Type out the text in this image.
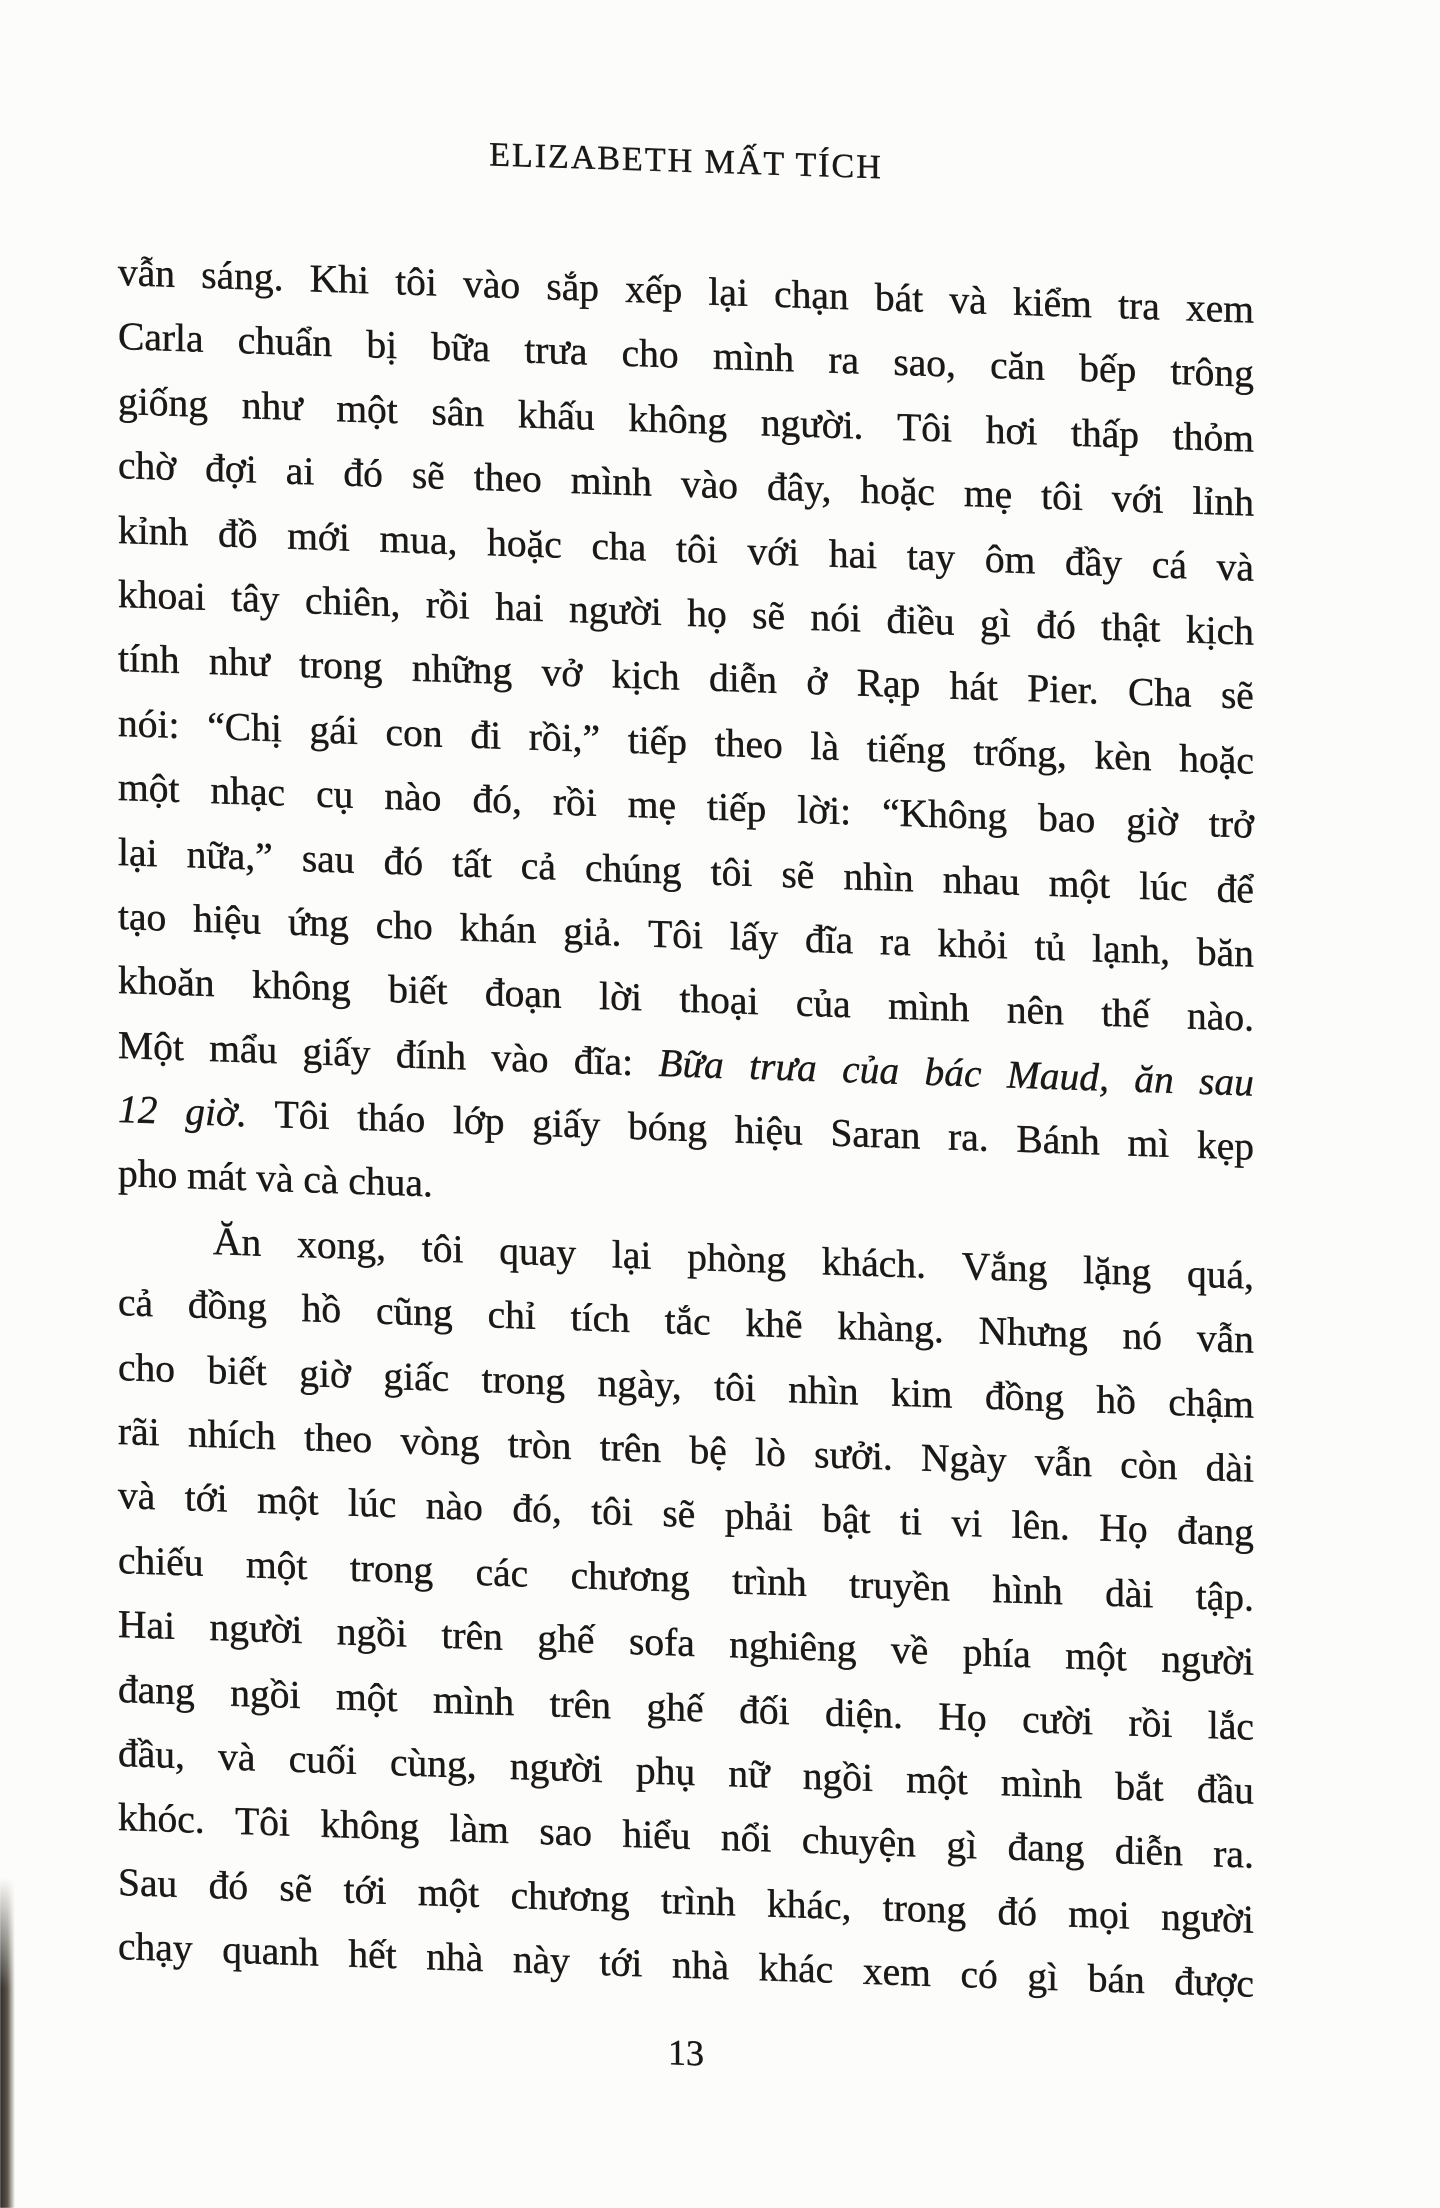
ELIZABETH MẤT TÍCH
vẫn sáng. Khi tôi vào sắp xếp lại chạn bát và kiểm tra xem
Carla chuẩn bị bữa trưa cho mình ra sao, căn bếp trông
giống như một sân khấu không người. Tôi hơi thấp thỏm
chờ đợi ai đó sẽ theo mình vào đây, hoặc mẹ tôi với lỉnh
kỉnh đồ mới mua, hoặc cha tôi với hai tay ôm đầy cá và
khoai tây chiên, rồi hai người họ sẽ nói điều gì đó thật kịch
tính như trong những vở kịch diễn ở Rạp hát Pier. Cha sẽ
nói: “Chị gái con đi rồi,” tiếp theo là tiếng trống, kèn hoặc
một nhạc cụ nào đó, rồi mẹ tiếp lời: “Không bao giờ trở
lại nữa,” sau đó tất cả chúng tôi sẽ nhìn nhau một lúc để
tạo hiệu ứng cho khán giả. Tôi lấy đĩa ra khỏi tủ lạnh, băn
khoăn không biết đoạn lời thoại của mình nên thế nào.
Một mẩu giấy đính vào đĩa: Bữa trưa của bác Maud, ăn sau
12 giờ. Tôi tháo lớp giấy bóng hiệu Saran ra. Bánh mì kẹp
pho mát và cà chua.
Ăn xong, tôi quay lại phòng khách. Vắng lặng quá,
cả đồng hồ cũng chỉ tích tắc khẽ khàng. Nhưng nó vẫn
cho biết giờ giấc trong ngày, tôi nhìn kim đồng hồ chậm
rãi nhích theo vòng tròn trên bệ lò sưởi. Ngày vẫn còn dài
và tới một lúc nào đó, tôi sẽ phải bật ti vi lên. Họ đang
chiếu một trong các chương trình truyền hình dài tập.
Hai người ngồi trên ghế sofa nghiêng về phía một người
đang ngồi một mình trên ghế đối diện. Họ cười rồi lắc
đầu, và cuối cùng, người phụ nữ ngồi một mình bắt đầu
khóc. Tôi không làm sao hiểu nổi chuyện gì đang diễn ra.
Sau đó sẽ tới một chương trình khác, trong đó mọi người
chạy quanh hết nhà này tới nhà khác xem có gì bán được
13
